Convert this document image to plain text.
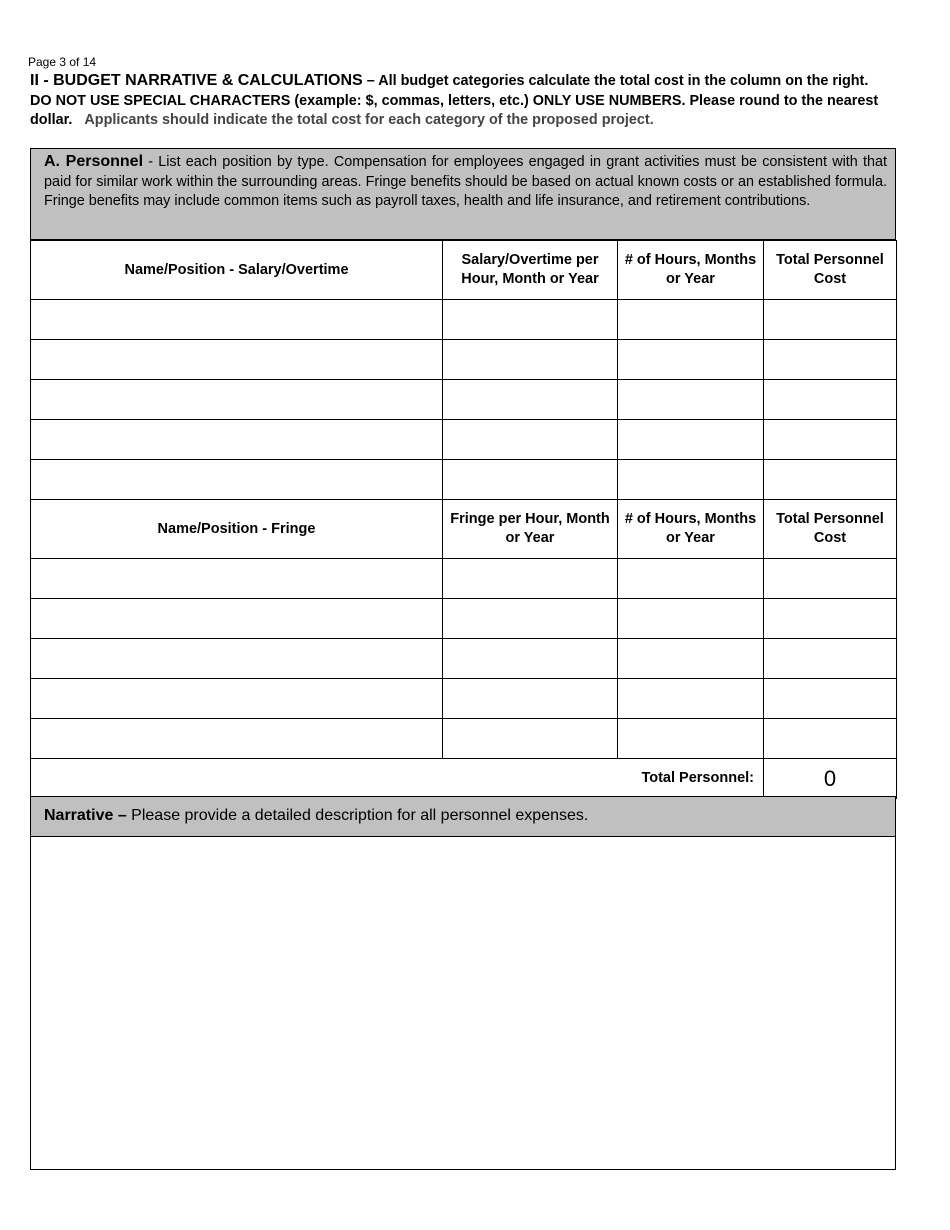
Page 3 of 14
II - BUDGET NARRATIVE & CALCULATIONS – All budget categories calculate the total cost in the column on the right. DO NOT USE SPECIAL CHARACTERS (example: $, commas, letters, etc.) ONLY USE NUMBERS. Please round to the nearest dollar. Applicants should indicate the total cost for each category of the proposed project.
A. Personnel - List each position by type. Compensation for employees engaged in grant activities must be consistent with that paid for similar work within the surrounding areas. Fringe benefits should be based on actual known costs or an established formula. Fringe benefits may include common items such as payroll taxes, health and life insurance, and retirement contributions.
Name/Position - Salary/Overtime	Salary/Overtime per Hour, Month or Year	# of Hours, Months or Year	Total Personnel Cost

Name/Position - Fringe	Fringe per Hour, Month or Year	# of Hours, Months or Year	Total Personnel Cost

Total Personnel:			0
Narrative – Please provide a detailed description for all personnel expenses.
